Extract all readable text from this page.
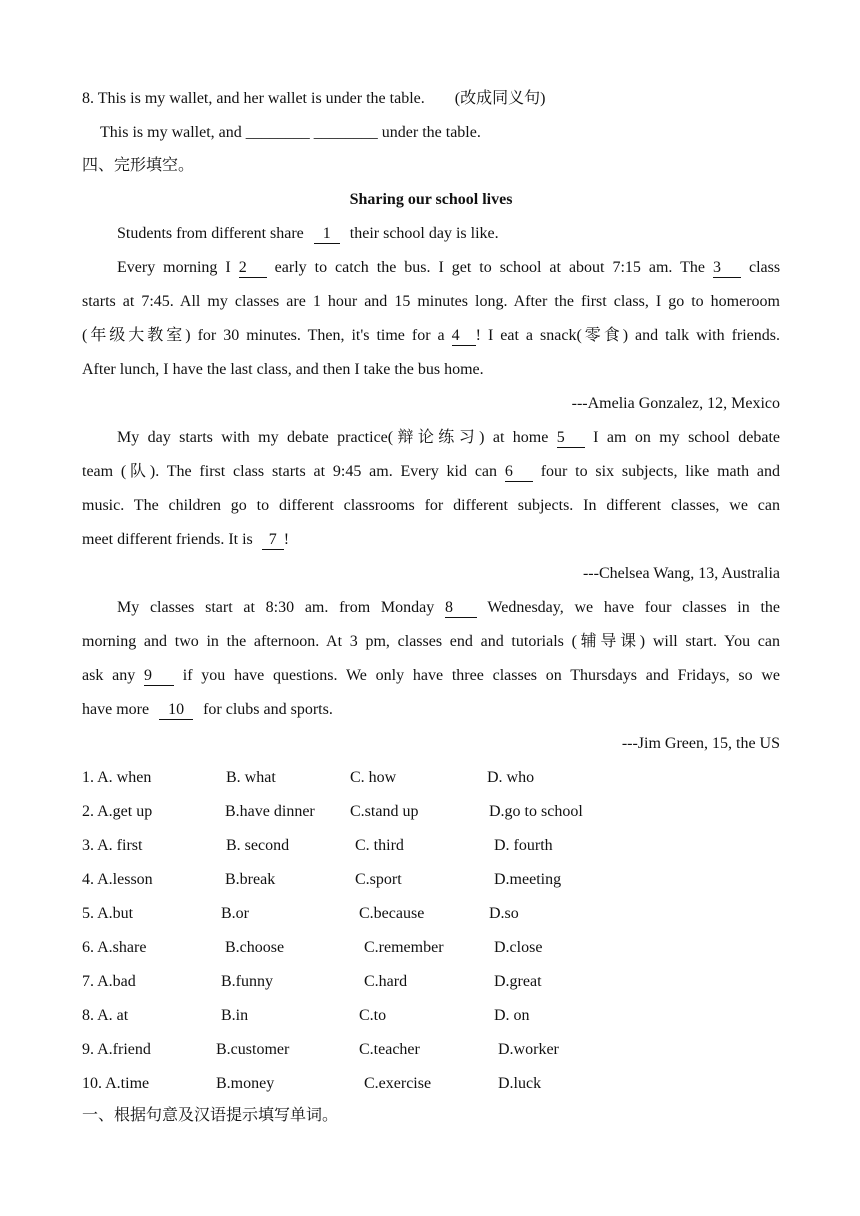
8. This is my wallet, and her wallet is under the table. (改成同义句)
This is my wallet, and ________ ________ under the table.
四、完形填空。
Sharing our school lives
Students from different share 1 their school day is like.
Every morning I 2 early to catch the bus. I get to school at about 7:15 am. The 3 class
starts at 7:45. All my classes are 1 hour and 15 minutes long. After the first class, I go to homeroom
(年级大教室) for 30 minutes. Then, it's time for a 4 ! I eat a snack(零食) and talk with friends.
After lunch, I have the last class, and then I take the bus home.
---Amelia Gonzalez, 12, Mexico
My day starts with my debate practice(辩论练习) at home 5 I am on my school debate
team (队). The first class starts at 9:45 am. Every kid can 6 four to six subjects, like math and
music. The children go to different classrooms for different subjects. In different classes, we can
meet different friends. It is 7 !
---Chelsea Wang, 13, Australia
My classes start at 8:30 am. from Monday 8 Wednesday, we have four classes in the
morning and two in the afternoon. At 3 pm, classes end and tutorials (辅导课) will start. You can
ask any 9 if you have questions. We only have three classes on Thursdays and Fridays, so we
have more 10 for clubs and sports.
---Jim Green, 15, the US
1. A. when	B. what	C. how	D. who
2. A.get up	B.have dinner C.stand up	D.go to school
3. A. first	B. second	C. third	D. fourth
4. A.lesson	B.break	C.sport	D.meeting
5. A.but	B.or	C.because	D.so
6. A.share	B.choose	C.remember	D.close
7. A.bad	B.funny	C.hard	D.great
8. A. at	B.in	C.to	D. on
9. A.friend	B.customer	C.teacher	D.worker
10. A.time	B.money	C.exercise	D.luck
一、根据句意及汉语提示填写单词。
